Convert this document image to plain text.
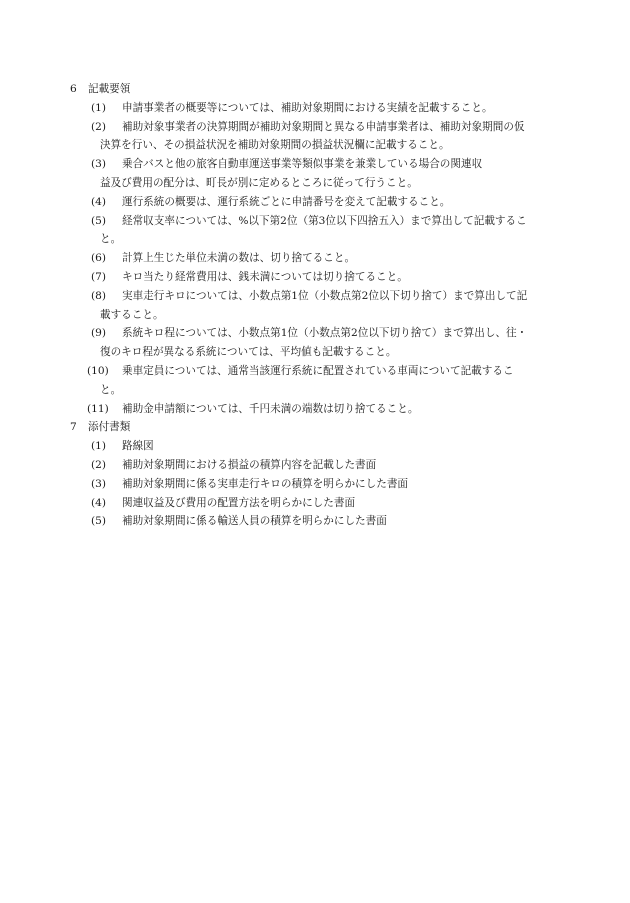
6	記載要領
(1)	申請事業者の概要等については、補助対象期間における実績を記載すること。
(2)	補助対象事業者の決算期間が補助対象期間と異なる申請事業者は、補助対象期間の仮
決算を行い、その損益状況を補助対象期間の損益状況欄に記載すること。
(3)	乗合バスと他の旅客自動車運送事業等類似事業を兼業している場合の関連収
益及び費用の配分は、町長が別に定めるところに従って行うこと。
(4)	運行系統の概要は、運行系統ごとに申請番号を変えて記載すること。
(5)	経常収支率については、%以下第2位（第3位以下四捨五入）まで算出して記載するこ
と。
(6)	計算上生じた単位未満の数は、切り捨てること。
(7)	キロ当たり経常費用は、銭未満については切り捨てること。
(8)	実車走行キロについては、小数点第1位（小数点第2位以下切り捨て）まで算出して記
載すること。
(9)	系統キロ程については、小数点第1位（小数点第2位以下切り捨て）まで算出し、往・
復のキロ程が異なる系統については、平均値も記載すること。
(10)	乗車定員については、通常当該運行系統に配置されている車両について記載するこ
と。
(11)	補助金申請額については、千円未満の端数は切り捨てること。
7	添付書類
(1)	路線図
(2)	補助対象期間における損益の積算内容を記載した書面
(3)	補助対象期間に係る実車走行キロの積算を明らかにした書面
(4)	関連収益及び費用の配置方法を明らかにした書面
(5)	補助対象期間に係る輸送人員の積算を明らかにした書面
